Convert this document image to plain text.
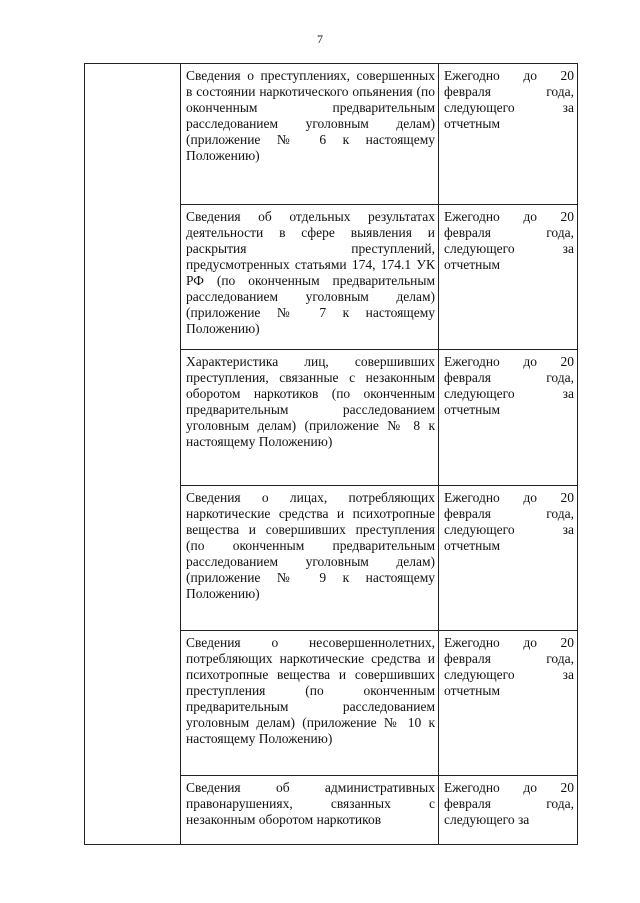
7
	Сведения о преступлениях, совершенных в состоянии наркотического опьянения (по оконченным предварительным расследованием уголовным делам) (приложение № 6 к настоящему Положению)	Ежегодно до 20 февраля года, следующего за отчетным
	Сведения об отдельных результатах деятельности в сфере выявления и раскрытия преступлений, предусмотренных статьями 174, 174.1 УК РФ (по оконченным предварительным расследованием уголовным делам) (приложение № 7 к настоящему Положению)	Ежегодно до 20 февраля года, следующего за отчетным
	Характеристика лиц, совершивших преступления, связанные с незаконным оборотом наркотиков (по оконченным предварительным расследованием уголовным делам) (приложение № 8 к настоящему Положению)	Ежегодно до 20 февраля года, следующего за отчетным
	Сведения о лицах, потребляющих наркотические средства и психотропные вещества и совершивших преступления (по оконченным предварительным расследованием уголовным делам) (приложение № 9 к настоящему Положению)	Ежегодно до 20 февраля года, следующего за отчетным
	Сведения о несовершеннолетних, потребляющих наркотические средства и психотропные вещества и совершивших преступления (по оконченным предварительным расследованием уголовным делам) (приложение № 10 к настоящему Положению)	Ежегодно до 20 февраля года, следующего за отчетным

	Сведения об административных правонарушениях, связанных с незаконным оборотом наркотиков	Ежегодно до 20 февраля года, следующего за
